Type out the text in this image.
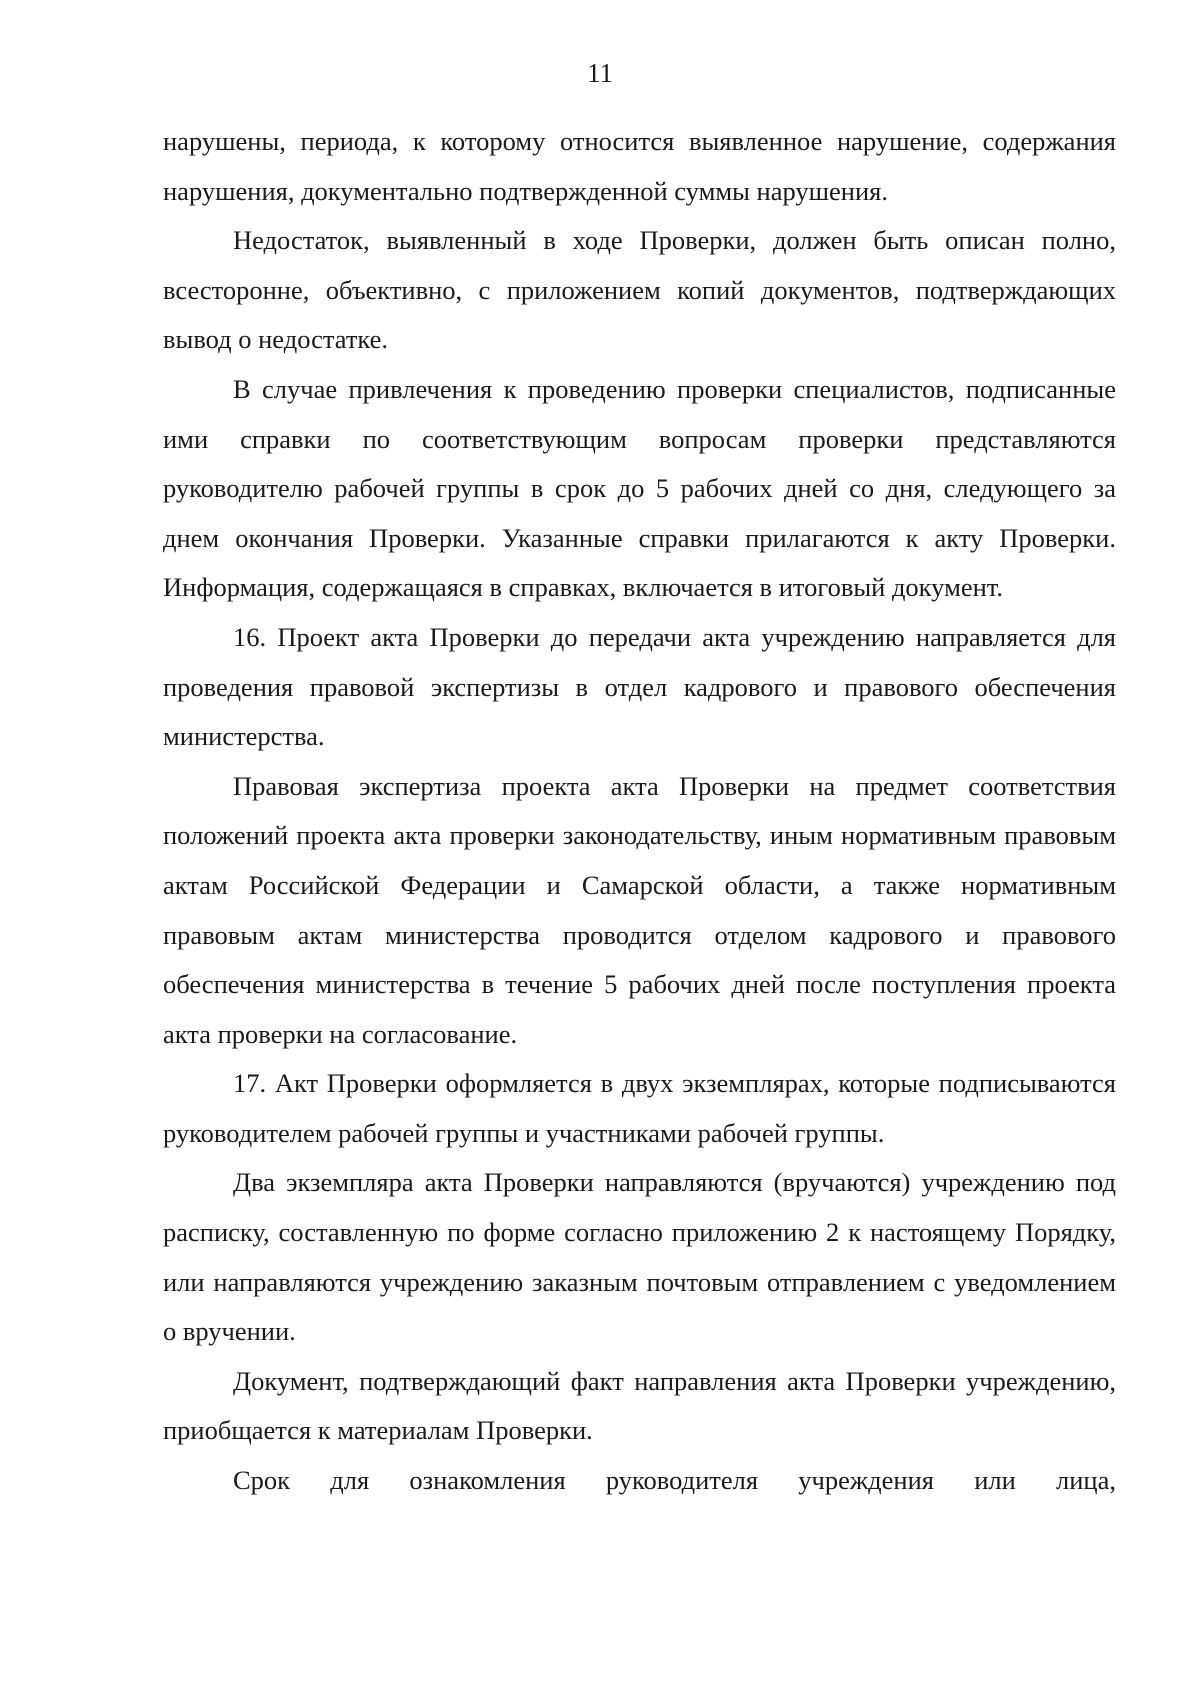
11

нарушены, периода, к которому относится выявленное нарушение, содержания нарушения, документально подтвержденной суммы нарушения.

Недостаток, выявленный в ходе Проверки, должен быть описан полно, всесторонне, объективно, с приложением копий документов, подтверждающих вывод о недостатке.

В случае привлечения к проведению проверки специалистов, подписанные ими справки по соответствующим вопросам проверки представляются руководителю рабочей группы в срок до 5 рабочих дней со дня, следующего за днем окончания Проверки. Указанные справки прилагаются к акту Проверки. Информация, содержащаяся в справках, включается в итоговый документ.

16. Проект акта Проверки до передачи акта учреждению направляется для проведения правовой экспертизы в отдел кадрового и правового обеспечения министерства.

Правовая экспертиза проекта акта Проверки на предмет соответствия положений проекта акта проверки законодательству, иным нормативным правовым актам Российской Федерации и Самарской области, а также нормативным правовым актам министерства проводится отделом кадрового и правового обеспечения министерства в течение 5 рабочих дней после поступления проекта акта проверки на согласование.

17. Акт Проверки оформляется в двух экземплярах, которые подписываются руководителем рабочей группы и участниками рабочей группы.

Два экземпляра акта Проверки направляются (вручаются) учреждению под расписку, составленную по форме согласно приложению 2 к настоящему Порядку, или направляются учреждению заказным почтовым отправлением с уведомлением о вручении.

Документ, подтверждающий факт направления акта Проверки учреждению, приобщается к материалам Проверки.

Срок для ознакомления руководителя учреждения или лица,
